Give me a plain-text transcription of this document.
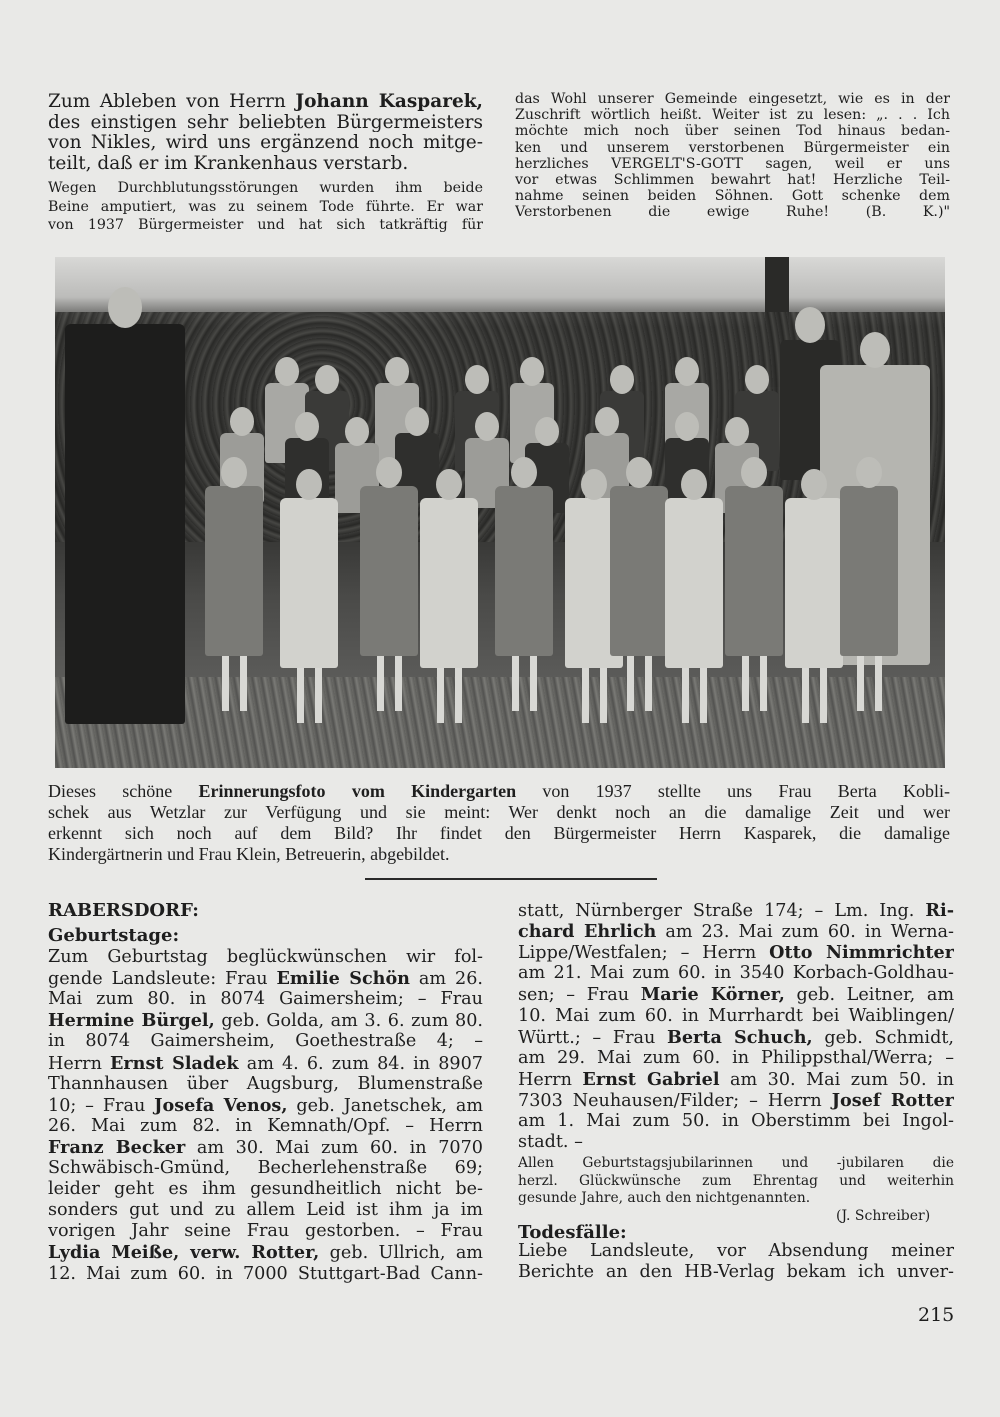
RABERSDORF:
Geburtstage:
(J. Schreiber)
Todesfälle:
215
Zum Ableben von Herrn Johann Kasparek,
des einstigen sehr beliebten Bürgermeisters
von Nikles, wird uns ergänzend noch mitge-
teilt, daß er im Krankenhaus verstarb.
Wegen Durchblutungsstörungen wurden ihm beide
Beine amputiert, was zu seinem Tode führte. Er war
von 1937 Bürgermeister und hat sich tatkräftig für
das Wohl unserer Gemeinde eingesetzt, wie es in der
Zuschrift wörtlich heißt. Weiter ist zu lesen: „. . . Ich
möchte mich noch über seinen Tod hinaus bedan-
ken und unserem verstorbenen Bürgermeister ein
herzliches VERGELT'S-GOTT sagen, weil er uns
vor etwas Schlimmen bewahrt hat! Herzliche Teil-
nahme seinen beiden Söhnen. Gott schenke dem
Verstorbenen die ewige Ruhe! (B. K.)"
Dieses schöne Erinnerungsfoto vom Kindergarten von 1937 stellte uns Frau Berta Kobli-
schek aus Wetzlar zur Verfügung und sie meint: Wer denkt noch an die damalige Zeit und wer
erkennt sich noch auf dem Bild? Ihr findet den Bürgermeister Herrn Kasparek, die damalige
Kindergärtnerin und Frau Klein, Betreuerin, abgebildet.
Zum Geburtstag beglückwünschen wir fol-
gende Landsleute: Frau Emilie Schön am 26.
Mai zum 80. in 8074 Gaimersheim; – Frau
Hermine Bürgel, geb. Golda, am 3. 6. zum 80.
in 8074 Gaimersheim, Goethestraße 4; –
Herrn Ernst Sladek am 4. 6. zum 84. in 8907
Thannhausen über Augsburg, Blumenstraße
10; – Frau Josefa Venos, geb. Janetschek, am
26. Mai zum 82. in Kemnath/Opf. – Herrn
Franz Becker am 30. Mai zum 60. in 7070
Schwäbisch-Gmünd, Becherlehenstraße 69;
leider geht es ihm gesundheitlich nicht be-
sonders gut und zu allem Leid ist ihm ja im
vorigen Jahr seine Frau gestorben. – Frau
Lydia Meiße, verw. Rotter, geb. Ullrich, am
12. Mai zum 60. in 7000 Stuttgart-Bad Cann-
statt, Nürnberger Straße 174; – Lm. Ing. Ri-
chard Ehrlich am 23. Mai zum 60. in Werna-
Lippe/Westfalen; – Herrn Otto Nimmrichter
am 21. Mai zum 60. in 3540 Korbach-Goldhau-
sen; – Frau Marie Körner, geb. Leitner, am
10. Mai zum 60. in Murrhardt bei Waiblingen/
Württ.; – Frau Berta Schuch, geb. Schmidt,
am 29. Mai zum 60. in Philippsthal/Werra; –
Herrn Ernst Gabriel am 30. Mai zum 50. in
7303 Neuhausen/Filder; – Herrn Josef Rotter
am 1. Mai zum 50. in Oberstimm bei Ingol-
stadt. –
Allen Geburtstagsjubilarinnen und -jubilaren die
herzl. Glückwünsche zum Ehrentag und weiterhin
gesunde Jahre, auch den nichtgenannten.
Liebe Landsleute, vor Absendung meiner
Berichte an den HB-Verlag bekam ich unver-
